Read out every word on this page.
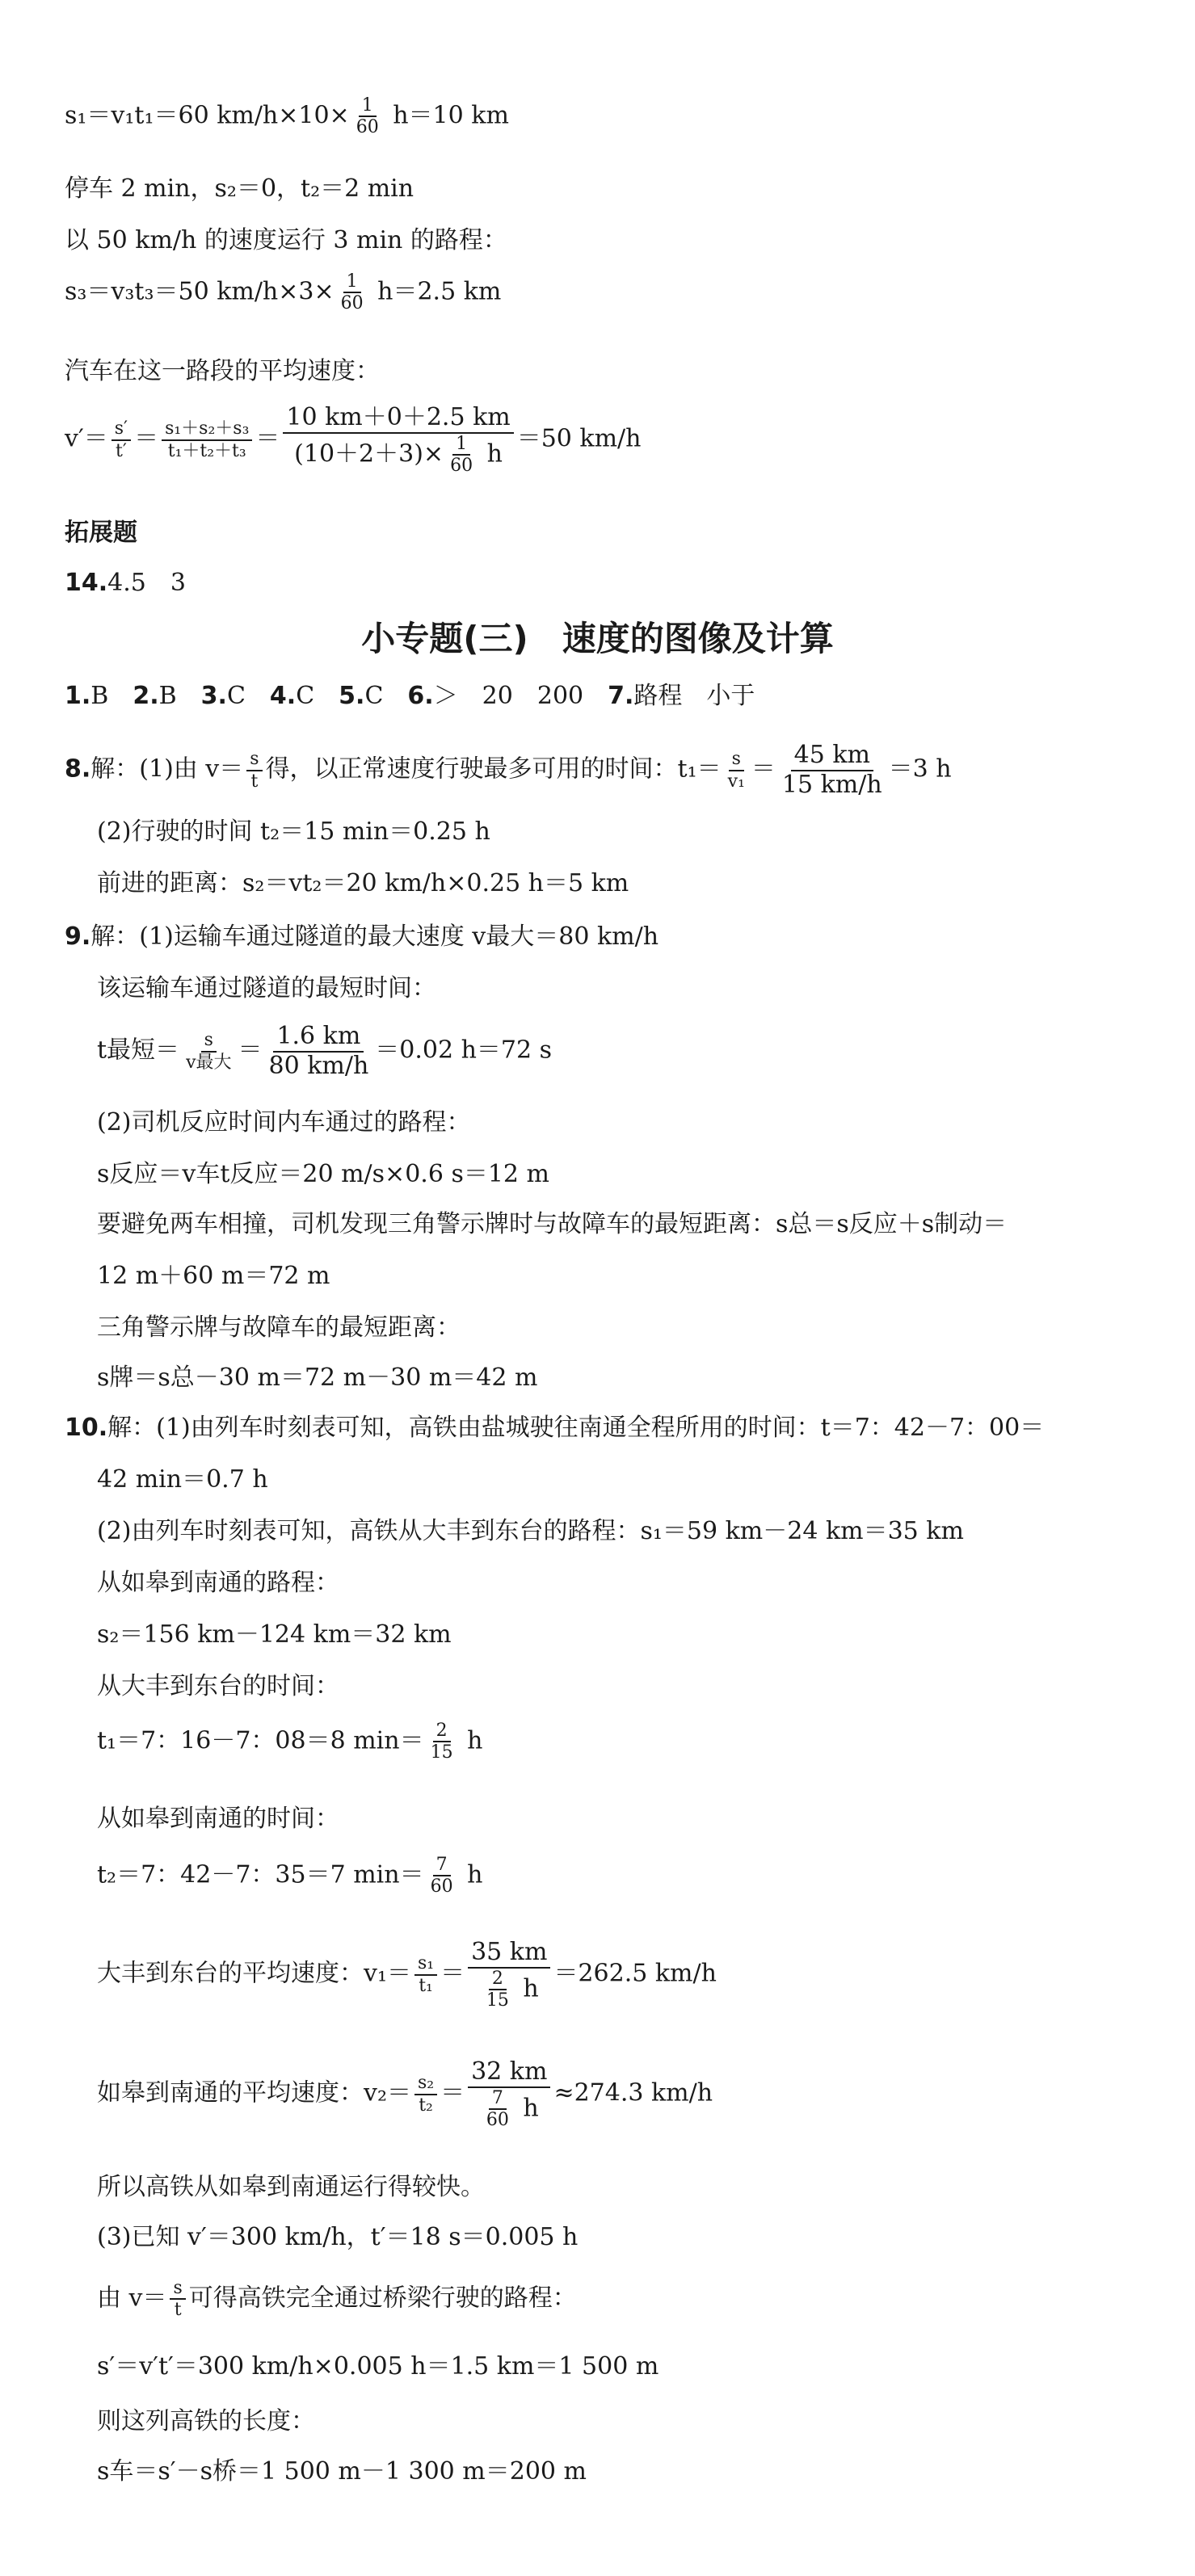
s₁＝v₁t₁＝60 $km/h\times 10\times \frac{1}{60} h=10$ km
停车 2 min，s₂＝0，t₂＝2 min
以 50 km/h 的速度运行 3 min 的路程：
s₃＝v₃t₃＝50 $km/h\times 3\times \frac{1}{60} h=2.5$ km
汽车在这一路段的平均速度：
$v'= \frac{s'}{t'} = \frac{\text{s₁＋s₂＋s₃}}{\text{t₁＋t₂＋t₃}} = \frac{10 km+0+2.5 km}{(10+2+3)\times \frac{1}{60} h} =50$ km/h
拓展题
14.4.5　3
小专题(三)　速度的图像及计算
1.B　 2.B　 3.C　 4.C　 5.C　 6.＞　20　200　 7.路程　小于
8.解：(1)由 $v= \frac{s}{t}$ 得，以正常速度行驶最多可用的时间：$t_1= \frac{s}{\text{v₁}} = \frac{45 km}{15 km/h} =3$ h
(2)行驶的时间 t₂＝15 min＝0.25 h
前进的距离：s₂＝vt₂＝20 km/h×0.25 h＝5 km
9.解：(1)运输车通过隧道的最大速度 v最大＝80 km/h
该运输车通过隧道的最短时间：
t最短＝ $\frac{s}{\text{v最大}} = \frac{1.6 km}{80 km/h} =0.02$ h＝72 s
(2)司机反应时间内车通过的路程：
s反应＝v车t反应＝20 m/s×0.6 s＝12 m
要避免两车相撞，司机发现三角警示牌时与故障车的最短距离：s总＝s反应＋s制动＝
12 m＋60 m＝72 m
三角警示牌与故障车的最短距离：
s牌＝s总－30 m＝72 m－30 m＝42 m
10.解：(1)由列车时刻表可知，高铁由盐城驶往南通全程所用的时间：t＝7：42－7：00＝
42 min＝0.7 h
(2)由列车时刻表可知，高铁从大丰到东台的路程：s₁＝59 km－24 km＝35 km
从如皋到南通的路程：
s₂＝156 km－124 km＝32 km
从大丰到东台的时间：
t₁＝7：16－7：08＝8 $\min= \frac{2}{15}$ h
从如皋到南通的时间：
t₂＝7：42－7：35＝7 $\min= \frac{7}{60}$ h
大丰到东台的平均速度：$v_1= \frac{\text{s₁}}{\text{t₁}} = \frac{35 km}{\frac{2}{15} h} =262.5$ km/h
如皋到南通的平均速度：$v_2= \frac{\text{s₂}}{\text{t₂}} = \frac{32 km}{\frac{7}{60} h} \approx 274.3$ km/h
所以高铁从如皋到南通运行得较快。
(3)已知 v′＝300 km/h，t′＝18 s＝0.005 h
由 $v= \frac{s}{t}$ 可得高铁完全通过桥梁行驶的路程：
s′＝v′t′＝300 km/h×0.005 h＝1.5 km＝1 500 m
则这列高铁的长度：
s车＝s′－s桥＝1 500 m－1 300 m＝200 m
